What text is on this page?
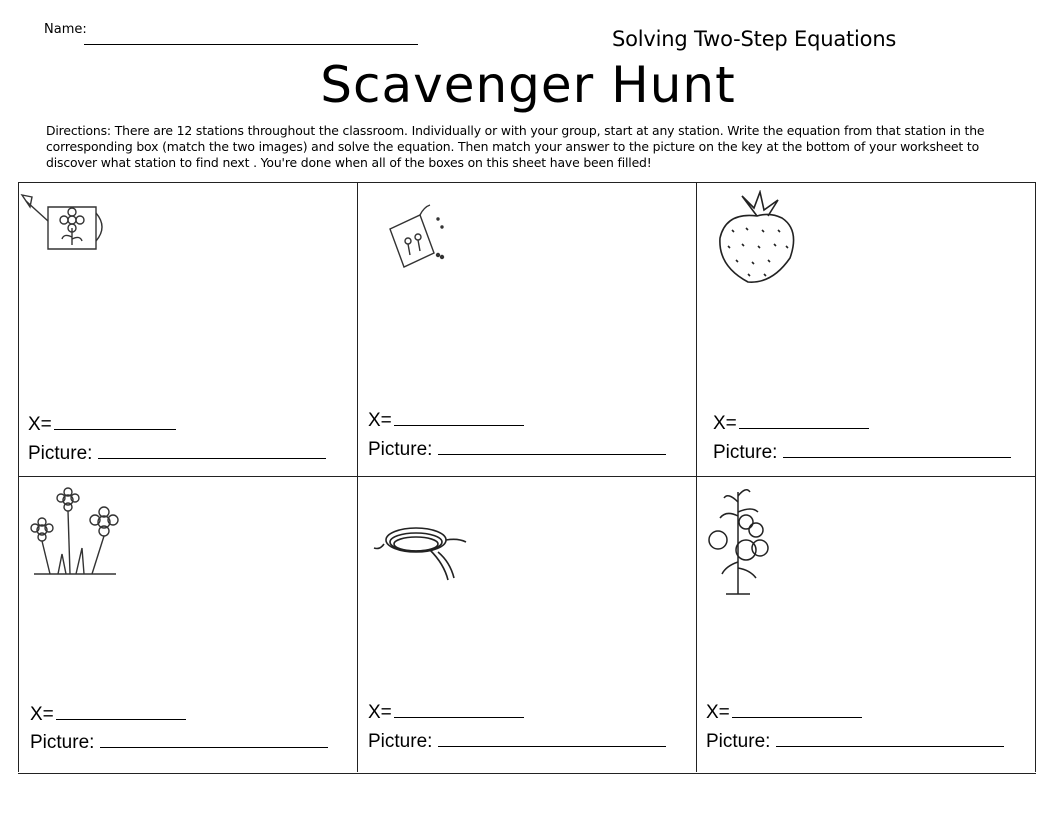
Name:	Solving Two-Step Equations
Scavenger Hunt
Directions: There are 12 stations throughout the classroom. Individually or with your group, start at any station. Write the equation from that station in the corresponding box (match the two images) and solve the equation. Then match your answer to the picture on the key at the bottom of your worksheet to discover what station to find next . You're done when all of the boxes on this sheet have been filled!
X=
Picture:
X=
Picture:
X=
Picture:
X=
Picture:
X=
Picture:
X=
Picture:
